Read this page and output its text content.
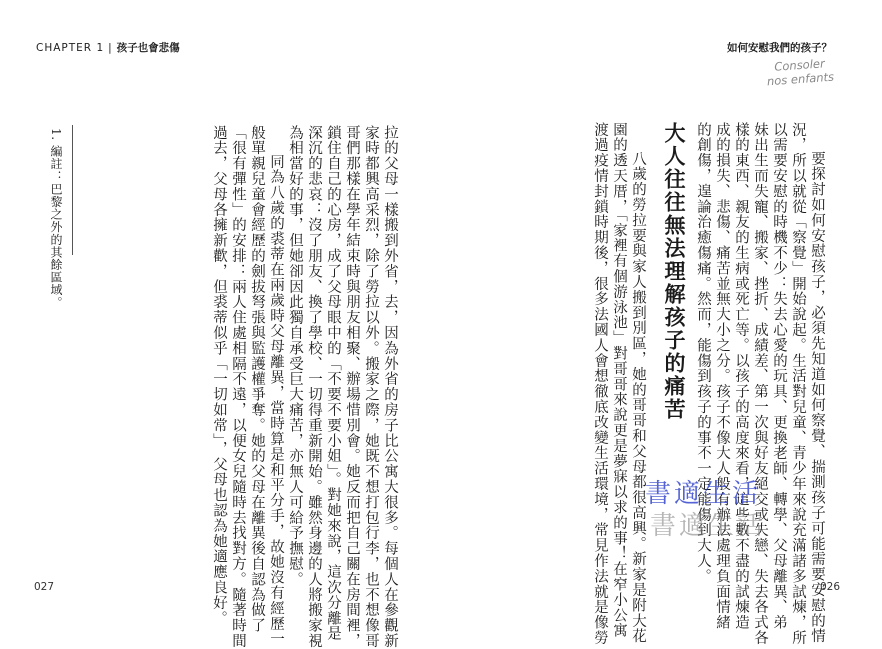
CHAPTER 1 | 孩子也會悲傷
拉的父母一樣搬到外省，去，因為外省的房子比公寓大很多。每個人在參觀新
家時都興高采烈，除了勞拉以外。搬家之際，她既不想打包行李，也不想像哥
哥們那樣在學年結束時與朋友相聚、辦場惜別會。她反而把自己關在房間裡，
鎖住自己的心房，成了父母眼中的「不要不要小姐」。對她來說，這次分離是
深沉的悲哀：沒了朋友、換了學校、一切得重新開始。雖然身邊的人將搬家視
為相當好的事，但她卻因此獨自承受巨大痛苦，亦無人可給予撫慰。
同為八歲的裘蒂在兩歲時父母離異，當時算是和平分手，故她沒有經歷一
般單親兒童會經歷的劍拔弩張與監護權爭奪。她的父母在離異後自認為做了
「很有彈性」的安排：兩人住處相隔不遠，以便女兒隨時去找對方。隨著時間
過去，父母各擁新歡，但裘蒂似乎「一切如常」，父母也認為她適應良好。
1. 編註：巴黎之外的其餘區域。
027
如何安慰我們的孩子？
Consoler
nos enfants
要探討如何安慰孩子，必須先知道如何察覺、揣測孩子可能需要安慰的情
況，所以就從「察覺」開始說起。生活對兒童、青少年來說充滿諸多試煉，所
以需要安慰的時機不少：失去心愛的玩具、更換老師、轉學、父母離異、弟
妹出生而失寵、搬家、挫折、成績差、第一次與好友絕交或失戀、失去各式各
樣的東西、親友的生病或死亡等。以孩子的高度來看，這些數不盡的試煉造
成的損失、悲傷、痛苦並無大小之分。孩子不像大人般有辦法處理負面情緒
的創傷，遑論治癒傷痛。然而，能傷到孩子的事不一定能傷到大人。
大人往往無法理解孩子的痛苦
八歲的勞拉要與家人搬到別區，她的哥哥和父母都很高興。新家是附大花
園的透天厝，「家裡有個游泳池」對哥哥來說更是夢寐以求的事！在窄小公寓
渡過疫情封鎖時期後，很多法國人會想徹底改變生活環境，常見作法就是像勞	026
書適生活
書適生活
